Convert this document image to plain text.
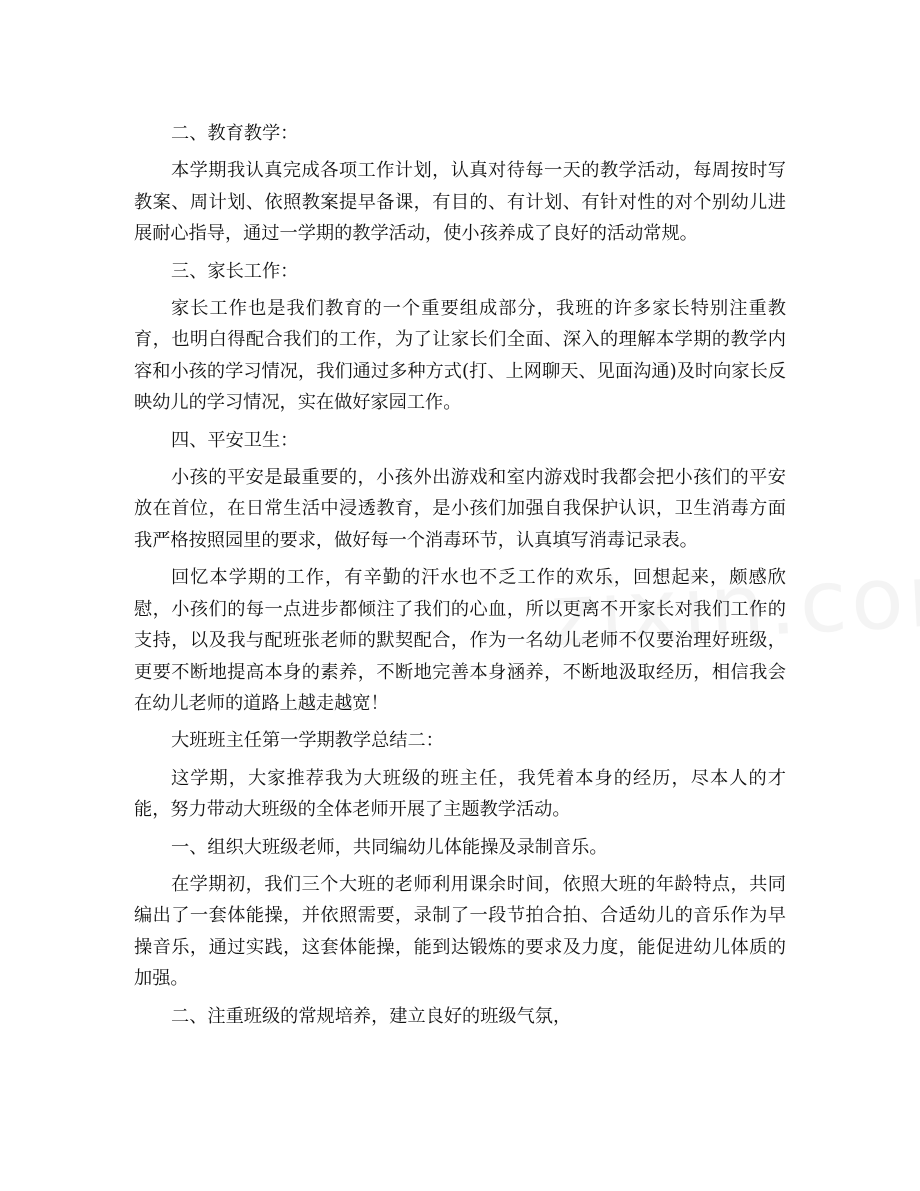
二、教育教学：

本学期我认真完成各项工作计划，认真对待每一天的教学活动，每周按时写教案、周计划、依照教案提早备课，有目的、有计划、有针对性的对个别幼儿进展耐心指导，通过一学期的教学活动，使小孩养成了良好的活动常规。

三、家长工作：

家长工作也是我们教育的一个重要组成部分，我班的许多家长特别注重教育，也明白得配合我们的工作，为了让家长们全面、深入的理解本学期的教学内容和小孩的学习情况，我们通过多种方式(打、上网聊天、见面沟通)及时向家长反映幼儿的学习情况，实在做好家园工作。

四、平安卫生：

小孩的平安是最重要的，小孩外出游戏和室内游戏时我都会把小孩们的平安放在首位，在日常生活中浸透教育，是小孩们加强自我保护认识，卫生消毒方面我严格按照园里的要求，做好每一个消毒环节，认真填写消毒记录表。

回忆本学期的工作，有辛勤的汗水也不乏工作的欢乐，回想起来，颇感欣慰，小孩们的每一点进步都倾注了我们的心血，所以更离不开家长对我们工作的支持，以及我与配班张老师的默契配合，作为一名幼儿老师不仅要治理好班级，更要不断地提高本身的素养，不断地完善本身涵养，不断地汲取经历，相信我会在幼儿老师的道路上越走越宽！

大班班主任第一学期教学总结二：

这学期，大家推荐我为大班级的班主任，我凭着本身的经历，尽本人的才能，努力带动大班级的全体老师开展了主题教学活动。

一、组织大班级老师，共同编幼儿体能操及录制音乐。

在学期初，我们三个大班的老师利用课余时间，依照大班的年龄特点，共同编出了一套体能操，并依照需要，录制了一段节拍合拍、合适幼儿的音乐作为早操音乐，通过实践，这套体能操，能到达锻炼的要求及力度，能促进幼儿体质的加强。

二、注重班级的常规培养，建立良好的班级气氛，
